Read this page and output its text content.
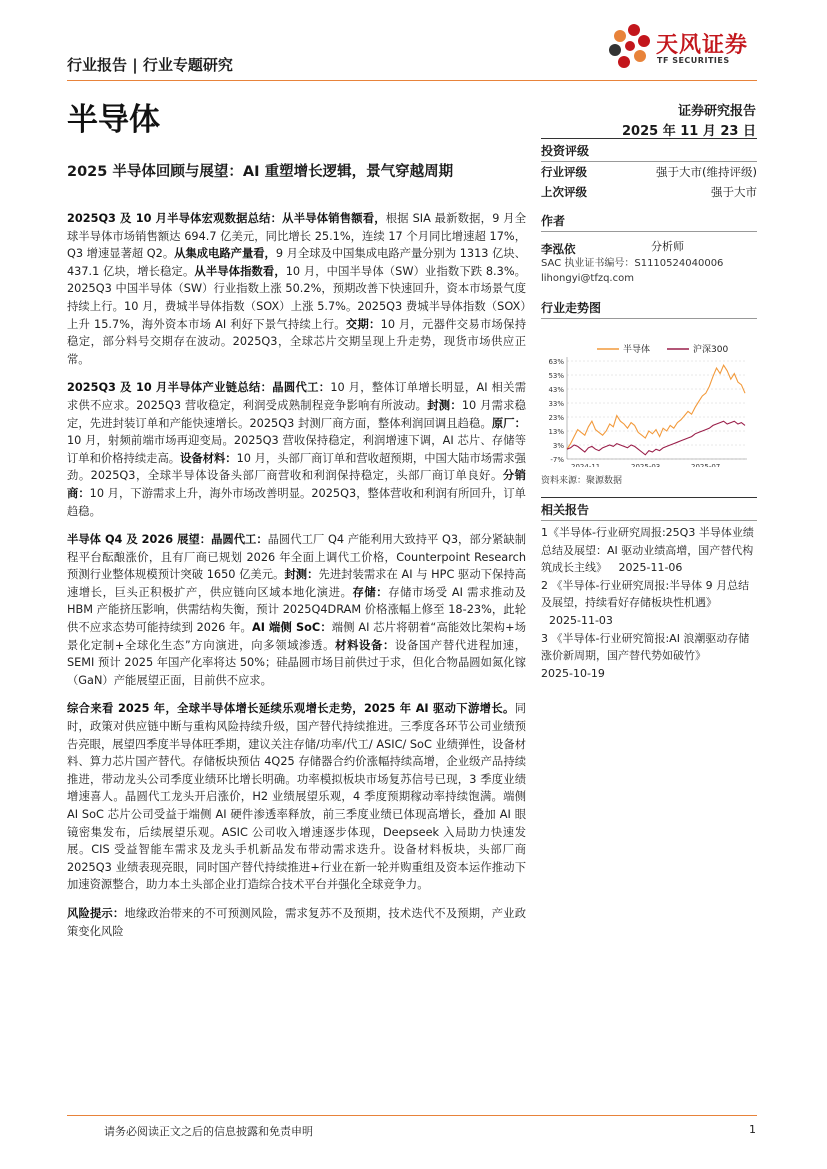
天风证券
TF SECURITIES
行业报告 | 行业专题研究
半导体	证券研究报告
2025 年 11 月 23 日
2025 半导体回顾与展望：AI 重塑增长逻辑，景气穿越周期

2025Q3 及 10 月半导体宏观数据总结：从半导体销售额看，根据 SIA 最新数据，9 月全球半导体市场销售额达 694.7 亿美元，同比增长 25.1%，连续 17 个月同比增速超 17%，Q3 增速显著超 Q2。从集成电路产量看，9 月全球及中国集成电路产量分别为 1313 亿块、437.1 亿块，增长稳定。从半导体指数看，10 月，中国半导体（SW）业指数下跌 8.3%。2025Q3 中国半导体（SW）行业指数上涨 50.2%，预期改善下快速回升，资本市场景气度持续上行。10 月，费城半导体指数（SOX）上涨 5.7%。2025Q3 费城半导体指数（SOX）上升 15.7%，海外资本市场 AI 利好下景气持续上行。交期：10 月，元器件交易市场保持稳定，部分料号交期存在波动。2025Q3，全球芯片交期呈现上升走势，现货市场供应正常。

2025Q3 及 10 月半导体产业链总结：晶圆代工：10 月，整体订单增长明显，AI 相关需求供不应求。2025Q3 营收稳定，利润受成熟制程竞争影响有所波动。封测：10 月需求稳定，先进封装订单和产能快速增长。2025Q3 封测厂商方面，整体利润回调且趋稳。原厂：10 月，射频前端市场再迎变局。2025Q3 营收保持稳定，利润增速下调，AI 芯片、存储等订单和价格持续走高。设备材料：10 月，头部厂商订单和营收超预期，中国大陆市场需求强劲。2025Q3，全球半导体设备头部厂商营收和利润保持稳定，头部厂商订单良好。分销商：10 月，下游需求上升，海外市场改善明显。2025Q3，整体营收和利润有所回升，订单趋稳。

半导体 Q4 及 2026 展望：晶圆代工：晶圆代工厂 Q4 产能利用大致持平 Q3，部分紧缺制程平台酝酿涨价，且有厂商已规划 2026 年全面上调代工价格，Counterpoint Research 预测行业整体规模预计突破 1650 亿美元。封测：先进封装需求在 AI 与 HPC 驱动下保持高速增长，巨头正积极扩产，供应链向区域本地化演进。存储：存储市场受 AI 需求推动及 HBM 产能挤压影响，供需结构失衡，预计 2025Q4DRAM 价格涨幅上修至 18-23%，此轮供不应求态势可能持续到 2026 年。AI 端侧 SoC：端侧 AI 芯片将朝着“高能效比架构+场景化定制+全球化生态”方向演进，向多领域渗透。材料设备：设备国产替代进程加速，SEMI 预计 2025 年国产化率将达 50%；硅晶圆市场目前供过于求，但化合物晶圆如氮化镓（GaN）产能展望正面，目前供不应求。

综合来看 2025 年，全球半导体增长延续乐观增长走势，2025 年 AI 驱动下游增长。同时，政策对供应链中断与重构风险持续升级，国产替代持续推进。三季度各环节公司业绩预告亮眼，展望四季度半导体旺季期，建议关注存储/功率/代工/ ASIC/ SoC 业绩弹性，设备材料、算力芯片国产替代。存储板块预估 4Q25 存储器合约价涨幅持续高增，企业级产品持续推进，带动龙头公司季度业绩环比增长明确。功率模拟板块市场复苏信号已现，3 季度业绩增速喜人。晶圆代工龙头开启涨价，H2 业绩展望乐观，4 季度预期稼动率持续饱满。端侧 AI SoC 芯片公司受益于端侧 AI 硬件渗透率释放，前三季度业绩已体现高增长，叠加 AI 眼镜密集发布，后续展望乐观。ASIC 公司收入增速逐步体现，Deepseek 入局助力快速发展。CIS 受益智能车需求及龙头手机新品发布带动需求迭升。设备材料板块，头部厂商 2025Q3 业绩表现亮眼，同时国产替代持续推进+行业在新一轮并购重组及资本运作推动下加速资源整合，助力本土头部企业打造综合技术平台并强化全球竞争力。

风险提示：地缘政治带来的不可预测风险，需求复苏不及预期，技术迭代不及预期，产业政策变化风险

投资评级
行业评级	强于大市(维持评级)
上次评级	强于大市
作者
李泓依	分析师
SAC 执业证书编号：S1110524040006
lihongyi@tfzq.com
行业走势图
半导体	沪深300
-7%
3%
13%
23%
33%
43%
53%
63%
2024-11	2025-03	2025-07
资料来源：聚源数据
相关报告
1《半导体-行业研究周报:25Q3 半导体业绩总结及展望：AI 驱动业绩高增，国产替代构筑成长主线》 2025-11-06
2 《半导体-行业研究周报:半导体 9 月总结及展望，持续看好存储板块性机遇》 2025-11-03
3 《半导体-行业研究简报:AI 浪潮驱动存储涨价新周期，国产替代势如破竹》
2025-10-19
请务必阅读正文之后的信息披露和免责申明	1
